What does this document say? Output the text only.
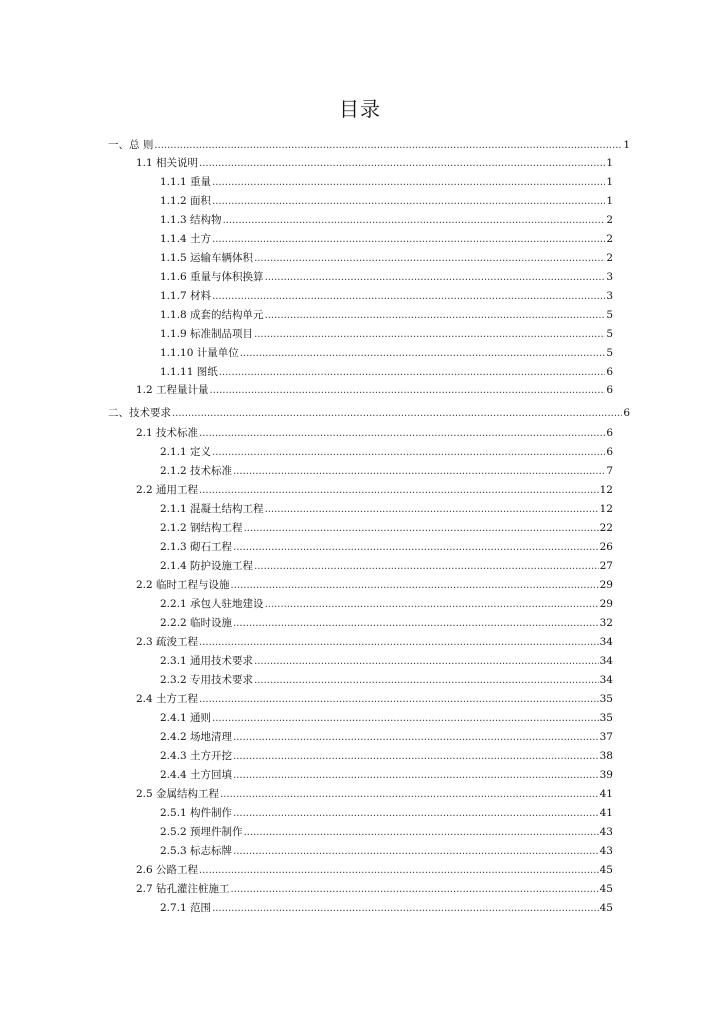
目录
一、总 则 .....	1
1.1 相关说明 .....	1
1.1.1 重量 .....	1
1.1.2 面积 .....	1
1.1.3 结构物 .....	2
1.1.4 土方 .....	2
1.1.5 运输车辆体积 .....	2
1.1.6 重量与体积换算 .....	3
1.1.7 材料 .....	3
1.1.8 成套的结构单元 .....	5
1.1.9 标准制品项目 .....	5
1.1.10 计量单位 .....	5
1.1.11 图纸 .....	6
1.2 工程量计量 .....	6
二、技术要求 .....	6
2.1 技术标准 .....	6
2.1.1 定义 .....	6
2.1.2 技术标准 .....	7
2.2 通用工程 .....	12
2.1.1 混凝土结构工程 .....	12
2.1.2 钢结构工程 .....	22
2.1.3 砌石工程 .....	26
2.1.4 防护设施工程 .....	27
2.2 临时工程与设施 .....	29
2.2.1 承包人驻地建设 .....	29
2.2.2 临时设施 .....	32
2.3 疏浚工程 .....	34
2.3.1 通用技术要求 .....	34
2.3.2 专用技术要求 .....	34
2.4 土方工程 .....	35
2.4.1 通则 .....	35
2.4.2 场地清理 .....	37
2.4.3 土方开挖 .....	38
2.4.4 土方回填 .....	39
2.5 金属结构工程 .....	41
2.5.1 构件制作 .....	41
2.5.2 预埋件制作 .....	43
2.5.3 标志标牌 .....	43
2.6 公路工程 .....	45
2.7 钻孔灌注桩施工 .....	45
2.7.1 范围 .....	45
